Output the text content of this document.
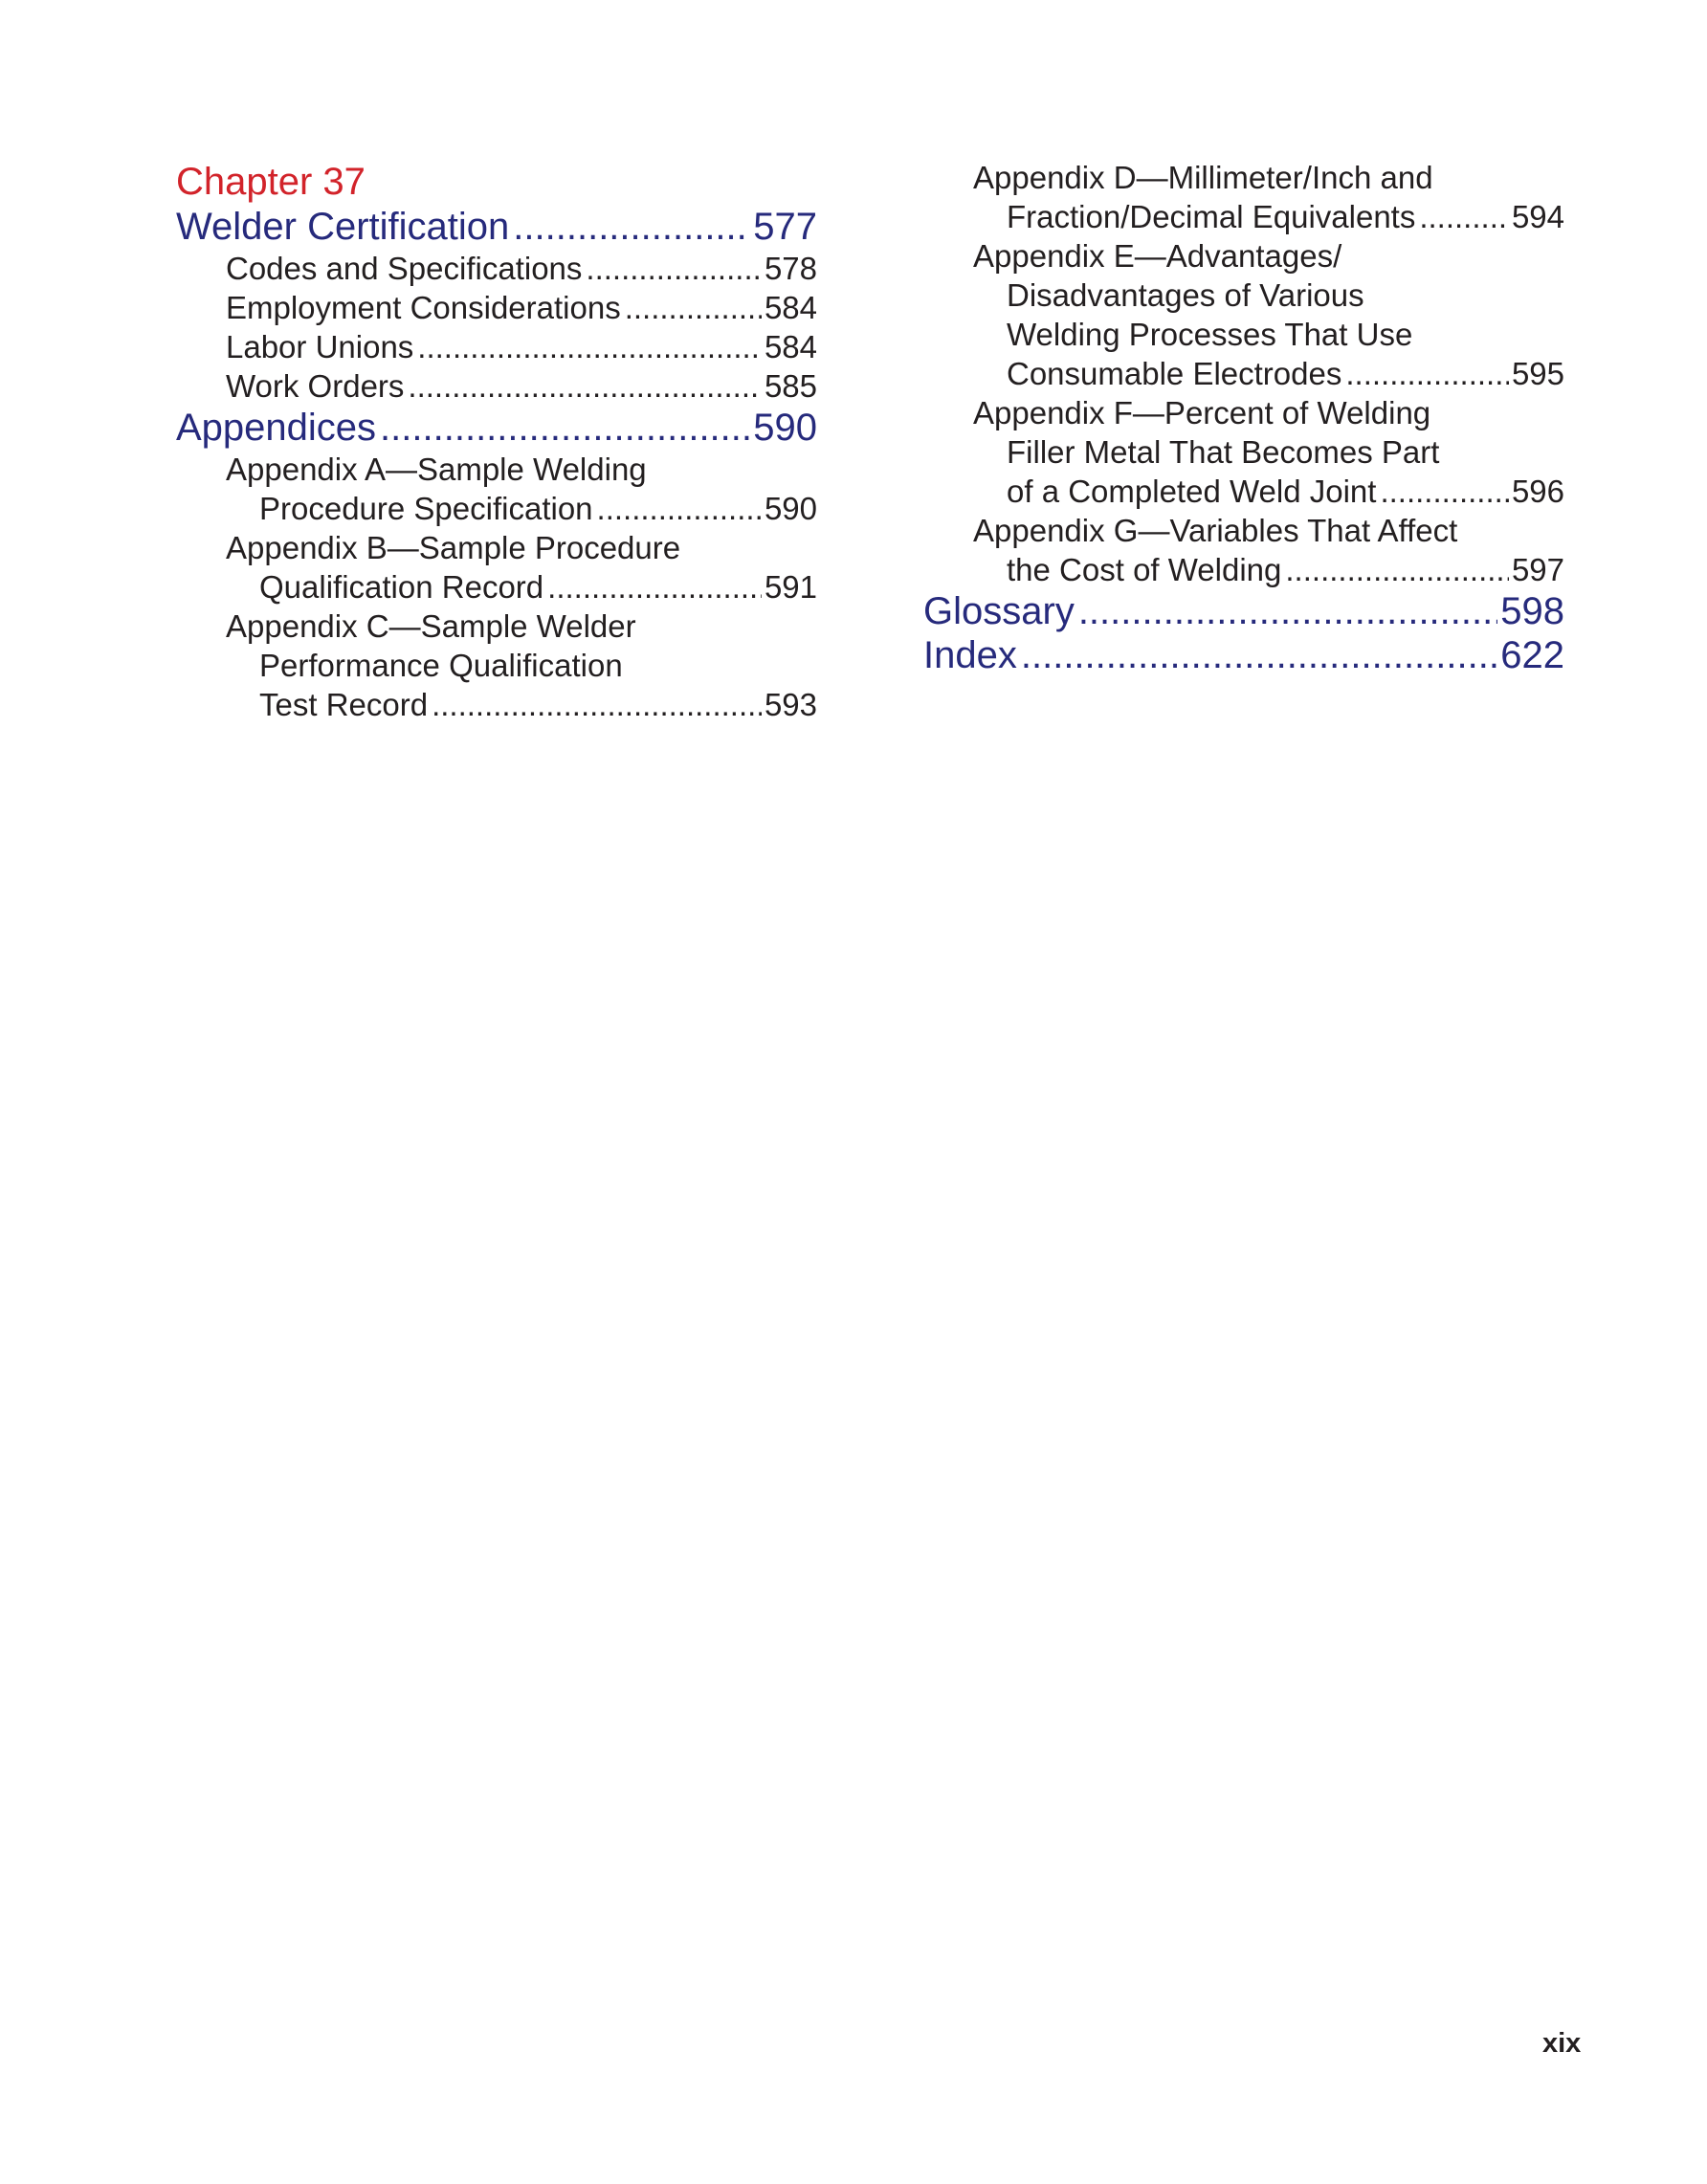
Chapter 37
Welder Certification .....	577
Codes and Specifications .....	578
Employment Considerations .....	584
Labor Unions .....	584
Work Orders .....	585
Appendices .....	590
Appendix A—Sample Welding
Procedure Specification .....	590
Appendix B—Sample Procedure
Qualification Record .....	591
Appendix C—Sample Welder
Performance Qualification
Test Record .....	593
Appendix D—Millimeter/Inch and
Fraction/Decimal Equivalents .....	594
Appendix E—Advantages/
Disadvantages of Various
Welding Processes That Use
Consumable Electrodes .....	595
Appendix F—Percent of Welding
Filler Metal That Becomes Part
of a Completed Weld Joint .....	596
Appendix G—Variables That Affect
the Cost of Welding .....	597
Glossary .....	598
Index .....	622
xix
